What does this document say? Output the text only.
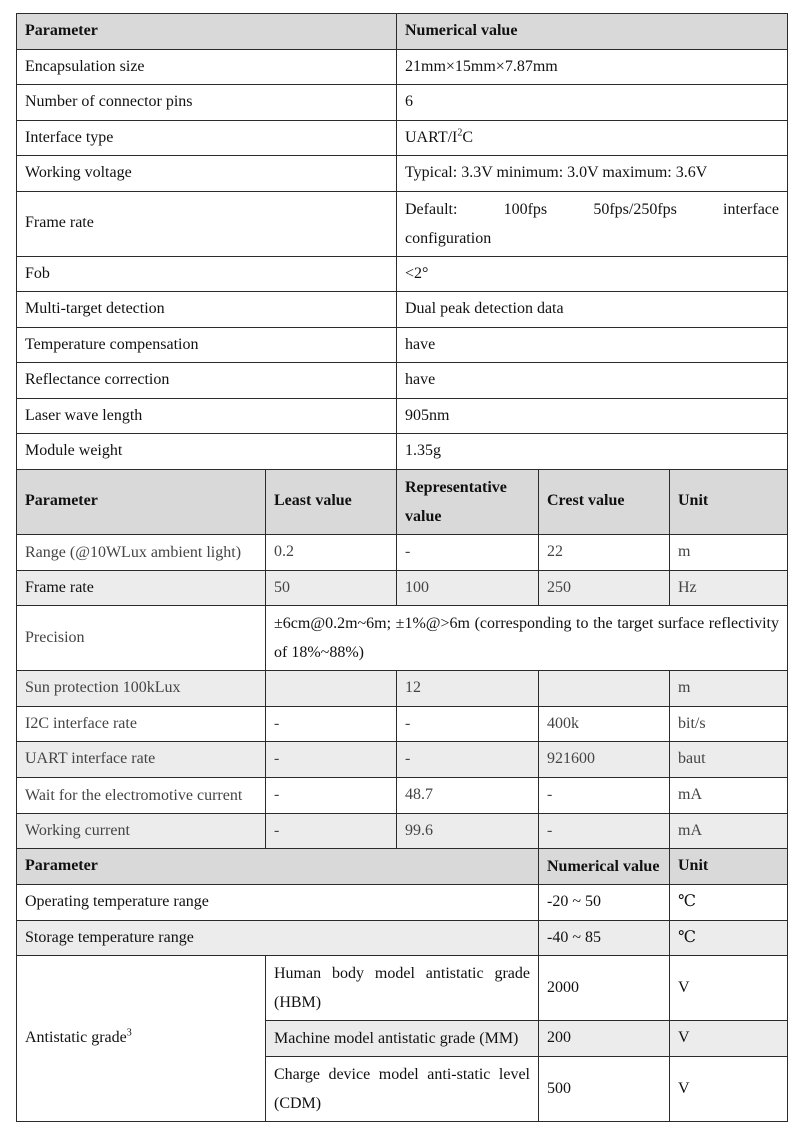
Parameter		Numerical value		
Encapsulation size		21mm×15mm×7.87mm		
Number of connector pins		6		
Interface type		UART/$I^2C$		
Working voltage		Typical: 3.3V minimum: 3.0V maximum: 3.6V		
Frame rate		Default: 100fps 50fps/250fps interface
configuration		

Fob		<2°		
Multi-target detection		Dual peak detection data		
Temperature compensation		have		
Reflectance correction		have		
Laser wave length		905nm		
Module weight		1.35g		
Parameter	Least value	Representative value	Crest value	Unit
Range (@10WLux ambient light)	0.2	-	22	m
Frame rate	50	100	250	Hz
Precision	±6cm@0.2m~6m; ±1%@>6m (corresponding to the target surface reflectivity of 18%~88%)			
Sun protection 100kLux		12		m
I2C interface rate	-	-	400k	bit/s
UART interface rate	-	-	921600	baut
Wait for the electromotive current	-	48.7	-	mA
Working current	-	99.6	-	mA
Parameter			Numerical value	Unit
Operating temperature range			-20 ~ 50	℃
Storage temperature range			-40 ~ 85	℃
Antistatic grade$^3$	Human body model antistatic grade (HBM)		2000	V
	Machine model antistatic grade (MM)		200	V
	Charge device model anti-static level (CDM)		500	V
